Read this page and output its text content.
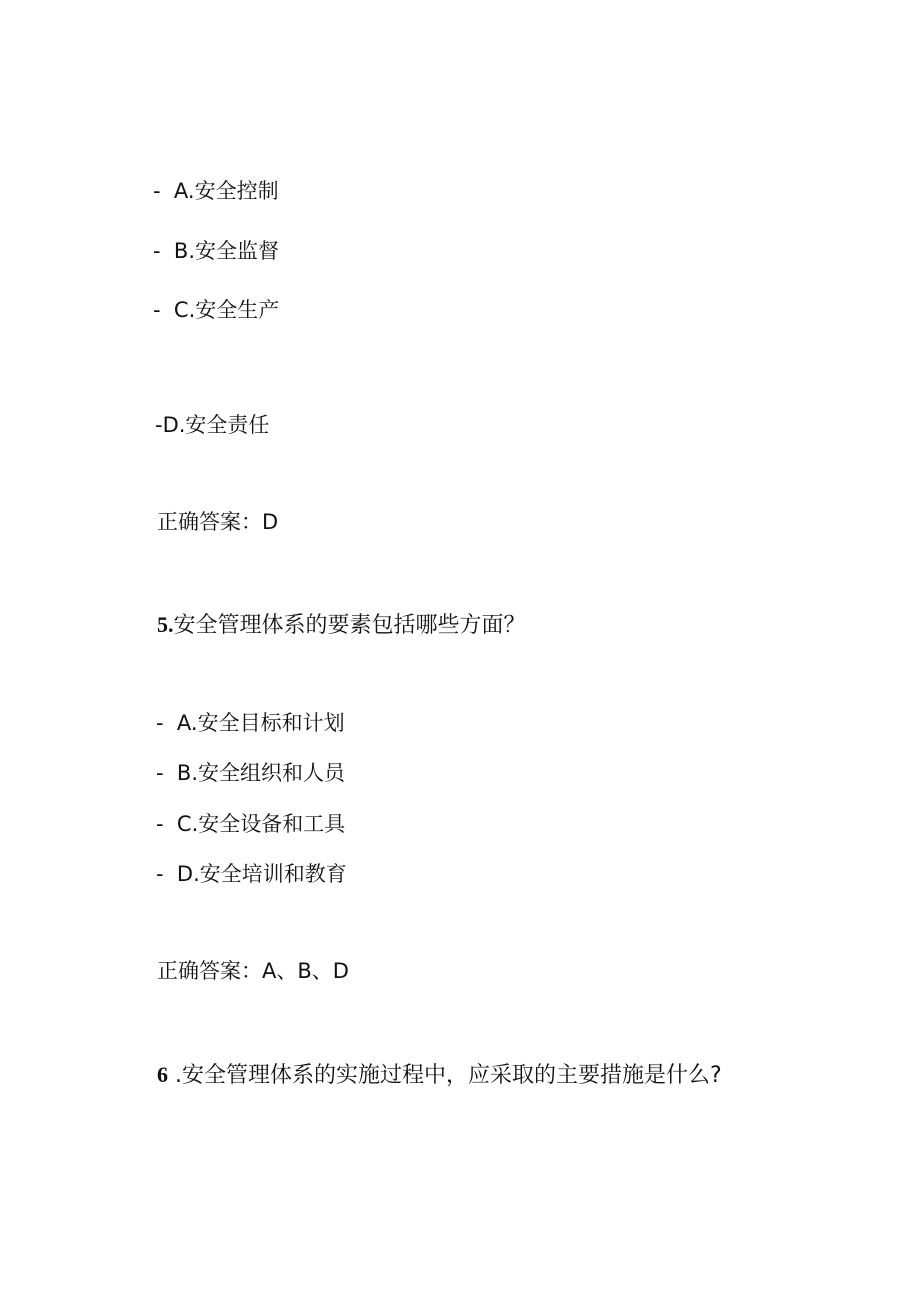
-  A.安全控制
-  B.安全监督
-  C.安全生产
-D.安全责任
正确答案：D
5.安全管理体系的要素包括哪些方面？
-  A.安全目标和计划
-  B.安全组织和人员
-  C.安全设备和工具
-  D.安全培训和教育
正确答案：A、B、D
6 .安全管理体系的实施过程中，应采取的主要措施是什么?
